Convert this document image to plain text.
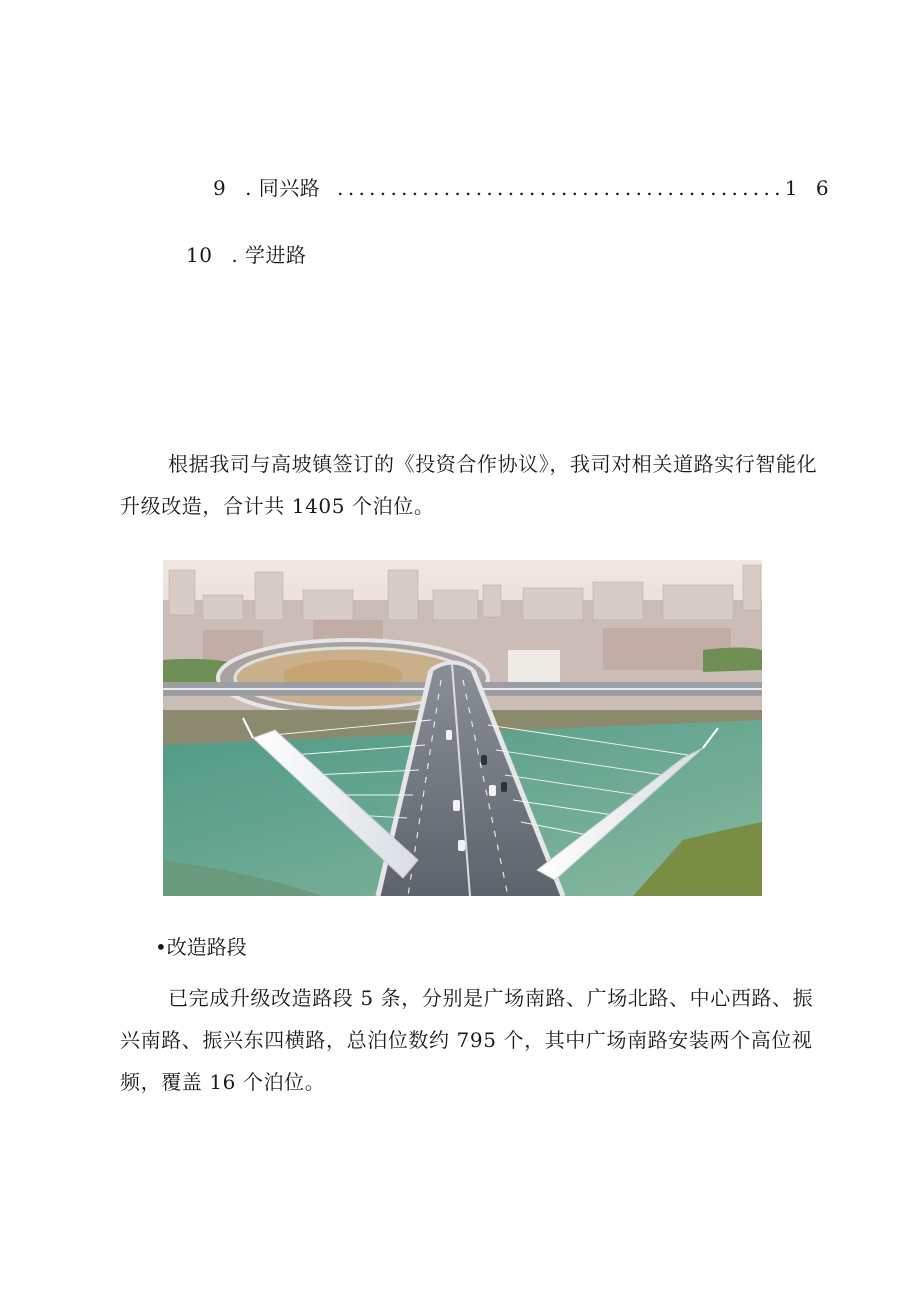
9 . 同兴路 ..........................................1 6
10 . 学进路

根据我司与高坡镇签订的《投资合作协议》，我司对相关道路实行智能化升级改造，合计共 1405 个泊位。

•改造路段

已完成升级改造路段 5 条，分别是广场南路、广场北路、中心西路、振兴南路、振兴东四横路，总泊位数约 795 个，其中广场南路安装两个高位视频，覆盖 16 个泊位。
